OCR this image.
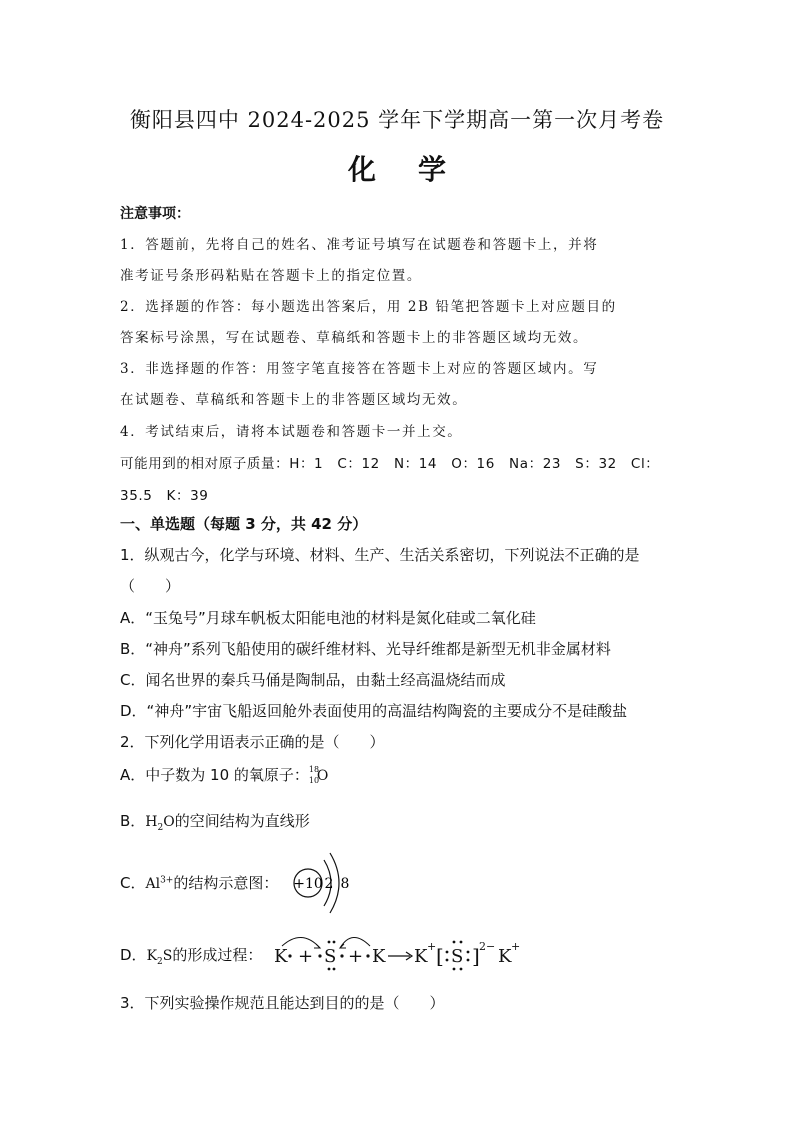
衡阳县四中 2024-2025 学年下学期高一第一次月考卷
化学
注意事项：
1．答题前，先将自己的姓名、准考证号填写在试题卷和答题卡上，并将
准考证号条形码粘贴在答题卡上的指定位置。
2．选择题的作答：每小题选出答案后，用 2B 铅笔把答题卡上对应题目的
答案标号涂黑，写在试题卷、草稿纸和答题卡上的非答题区域均无效。
3．非选择题的作答：用签字笔直接答在答题卡上对应的答题区域内。写
在试题卷、草稿纸和答题卡上的非答题区域均无效。
4．考试结束后，请将本试题卷和答题卡一并上交。
可能用到的相对原子质量：H：1　C：12　N：14　O：16　Na：23　S：32　Cl：
35.5　K：39
一、单选题（每题 3 分，共 42 分）
1．纵观古今，化学与环境、材料、生产、生活关系密切，下列说法不正确的是
（　　）
A．“玉兔号”月球车帆板太阳能电池的材料是氮化硅或二氧化硅
B．“神舟”系列飞船使用的碳纤维材料、光导纤维都是新型无机非金属材料
C．闻名世界的秦兵马俑是陶制品，由黏土经高温烧结而成
D．“神舟”宇宙飞船返回舱外表面使用的高温结构陶瓷的主要成分不是硅酸盐
2．下列化学用语表示正确的是（　　）
A．中子数为 10 的氧原子： 18
10
O
B．$H_2O$的空间结构为直线形
C．$Al^{3+}$的结构示意图： +10 2 8
D．$K_2S$的形成过程： K + S + K K + [ S ] 2− K +
3．下列实验操作规范且能达到目的的是（　　）
